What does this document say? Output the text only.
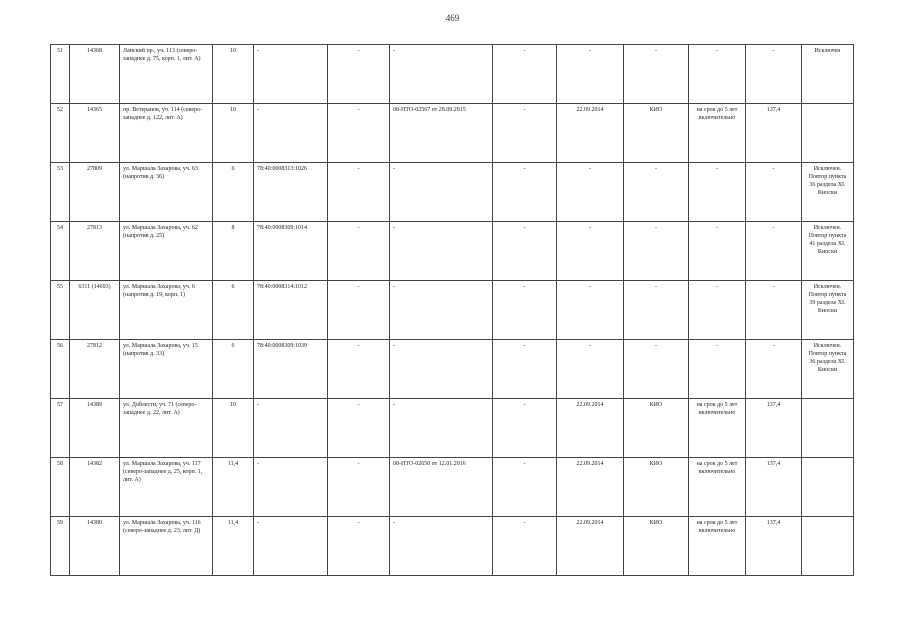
469
51	14368	Ланский пр., уч. 113 (северо-западнее д. 75, корп. 1, лит. А)	10	-	-	-	-	-	-	-	-	Исключен
52	14365	пр. Ветеранов, уч. 114 (северо-западнее д. 122, лит. А)	10	-	-	08-НТО-02567 от 28.09.2015	-	22.09.2014	КИО	на срок до 5 лет включительно	137,4	
53	27809	ул. Маршала Захарова, уч. 63 (напротив д. 36)	6	78:40:0008313:1026	-	-	-	-	-	-	-	Исключен. Повтор пункта 36 раздела XI. Киоски
54	27813	ул. Маршала Захарова, уч. 62 (напротив д. 25)	8	78:40:0008309:1014	-	-	-	-	-	-	-	Исключен. Повтор пункта 41 раздела XI. Киоски
55	6311 (14693)	ул. Маршала Захарова, уч. 6 (напротив д. 19, корп. 1)	6	78:40:0008314:1012	-	-	-	-	-	-	-	Исключен. Повтор пункта 39 раздела XI. Киоски
56	27812	ул. Маршала Захарова, уч. 15 (напротив д. 33)	6	78:40:0008309:1039	-	-	-	-	-	-	-	Исключен. Повтор пункта 36 раздела XI. Киоски
57	14389	ул. Доблести, уч. 71 (северо-западнее д. 22, лит. А)	10	-	-	-	-	22.09.2014	КИО	на срок до 5 лет включительно	137,4	
58	14382	ул. Маршала Захарова, уч. 117 (северо-западнее д. 25, корп. 1, лит. А)	11,4	-	-	08-НТО-02650 от 12.01.2016	-	22.09.2014	КИО	на срок до 5 лет включительно	137,4	
59	14380	ул. Маршала Захарова, уч. 116 (северо-западнее д. 23, лит. Д)	11,4	-	-	-	-	22.09.2014	КИО	на срок до 5 лет включительно	137,4	
